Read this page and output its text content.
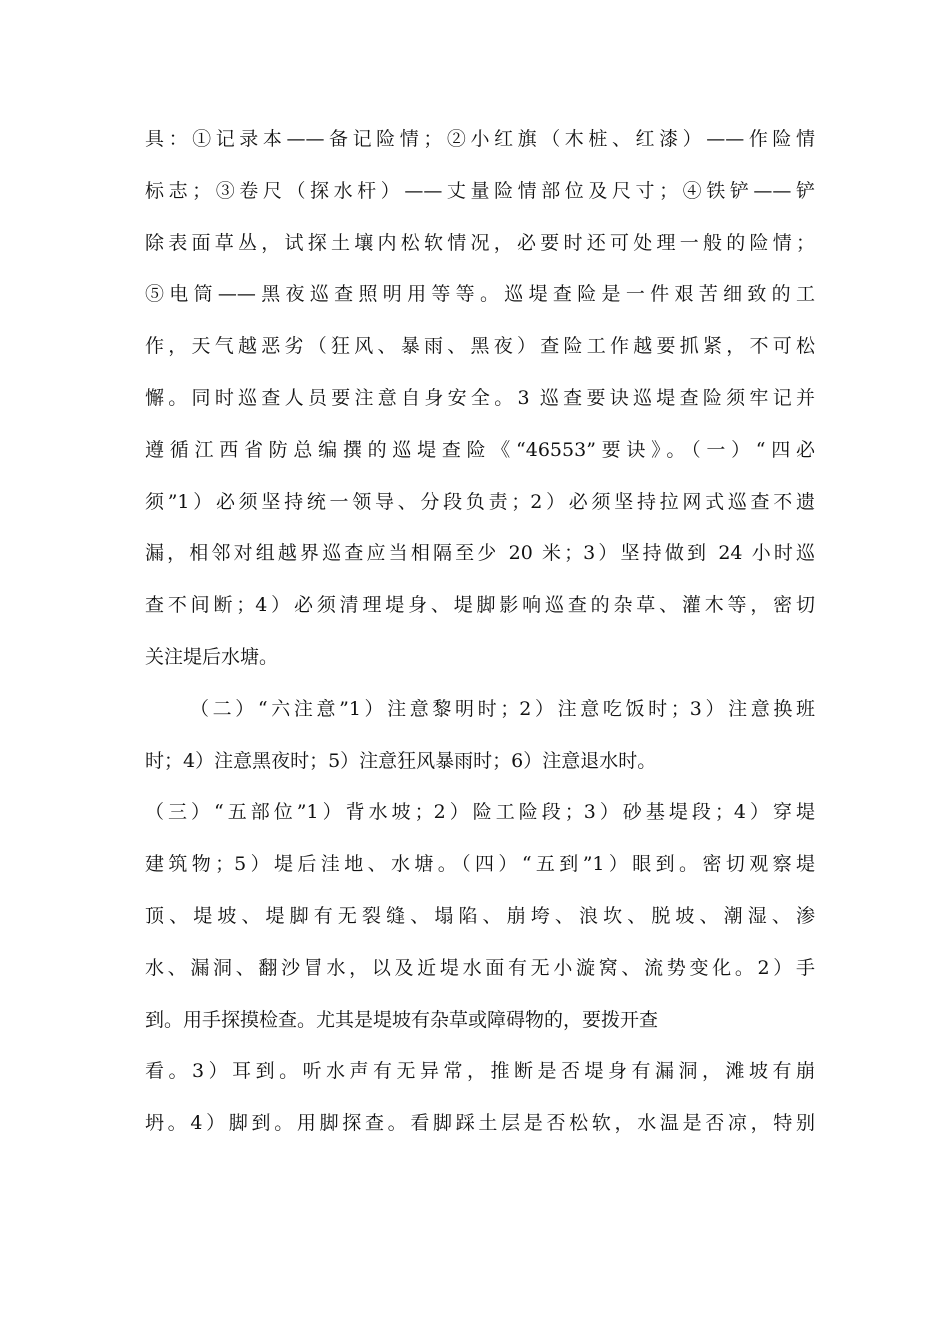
具：①记录本——备记险情；②小红旗（木桩、红漆）——作险情
标志；③卷尺（探水杆）——丈量险情部位及尺寸；④铁铲——铲
除表面草丛，试探土壤内松软情况，必要时还可处理一般的险情；
⑤电筒——黑夜巡查照明用等等。巡堤查险是一件艰苦细致的工
作，天气越恶劣（狂风、暴雨、黑夜）查险工作越要抓紧，不可松
懈。同时巡查人员要注意自身安全。3 巡查要诀巡堤查险须牢记并
遵循江西省防总编撰的巡堤查险《“46553”要诀》。（一）“四必
须”1）必须坚持统一领导、分段负责；2）必须坚持拉网式巡查不遗
漏，相邻对组越界巡查应当相隔至少 20 米；3）坚持做到 24 小时巡
查不间断；4）必须清理堤身、堤脚影响巡查的杂草、灌木等，密切
关注堤后水塘。
（二）“六注意”1）注意黎明时；2）注意吃饭时；3）注意换班
时；4）注意黑夜时；5）注意狂风暴雨时；6）注意退水时。
（三）“五部位”1）背水坡；2）险工险段；3）砂基堤段；4）穿堤
建筑物；5）堤后洼地、水塘。（四）“五到”1）眼到。密切观察堤
顶、堤坡、堤脚有无裂缝、塌陷、崩垮、浪坎、脱坡、潮湿、渗
水、漏洞、翻沙冒水，以及近堤水面有无小漩窝、流势变化。2）手
到。用手探摸检查。尤其是堤坡有杂草或障碍物的，要拨开查
看。3）耳到。听水声有无异常，推断是否堤身有漏洞，滩坡有崩
坍。4）脚到。用脚探查。看脚踩土层是否松软，水温是否凉，特别
